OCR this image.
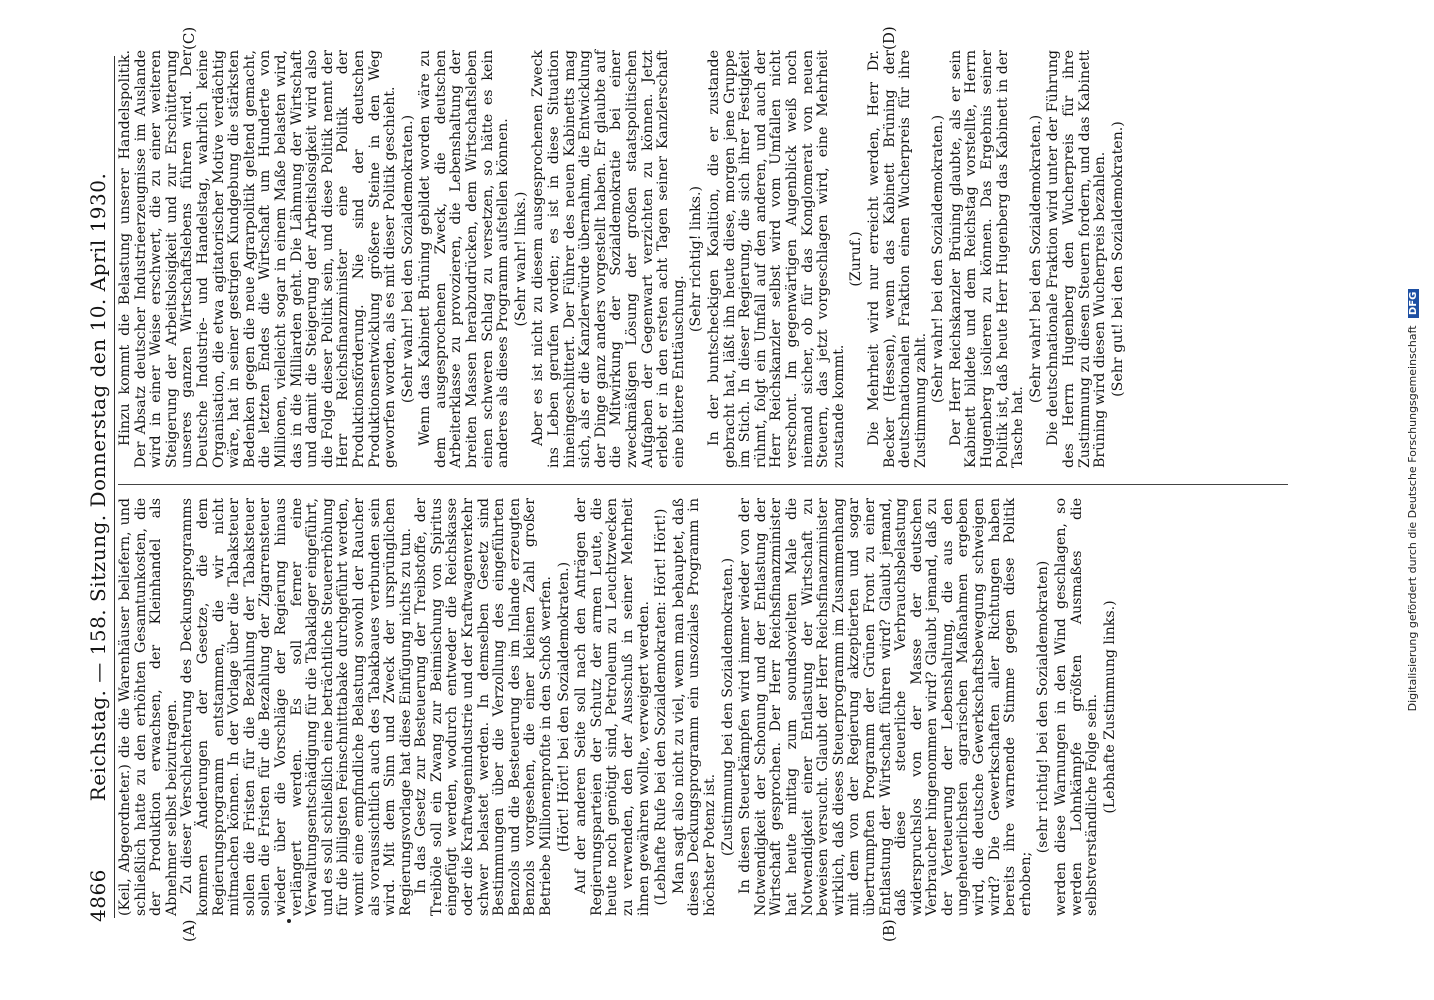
4866
Reichstag. — 158. Sitzung. Donnerstag den 10. April 1930.
(A)	(B)
(C)	(D)

(Keil, Abgeordneter.) die die Warenhäuser beliefern, und schließlich hatte zu den erhöhten Gesamtunkosten, die der Produktion erwachsen, der Kleinhandel als Abnehmer selbst beizutragen. Zu dieser Verschlechterung des Deckungsprogramms kommen Änderungen der Gesetze, die dem Regierungsprogramm entstammen, die wir nicht mitmachen können. In der Vorlage über die Tabaksteuer sollen die Fristen für die Bezahlung der Tabaksteuer sollen die Fristen für die Bezahlung der Zigarrensteuer wieder über die Vorschläge der Regierung hinaus verlängert werden. Es soll ferner eine Verwaltungsentschädigung für die Tabaklager eingeführt, und es soll schließlich eine beträchtliche Steuererhöhung für die billigsten Feinschnitttabake durchgeführt werden, womit eine empfindliche Belastung sowohl der Raucher als voraussichtlich auch des Tabakbaues verbunden sein wird. Mit dem Sinn und Zweck der ursprünglichen Regierungsvorlage hat diese Einfügung nichts zu tun. In das Gesetz zur Besteuerung der Treibstoffe, der Treiböle soll ein Zwang zur Beimischung von Spiritus eingefügt werden, wodurch entweder die Reichskasse oder die Kraftwagenindustrie und der Kraftwagenverkehr schwer belastet werden. In demselben Gesetz sind Bestimmungen über die Verzollung des eingeführten Benzols und die Besteuerung des im Inlande erzeugten Benzols vorgesehen, die einer kleinen Zahl großer Betriebe Millionenprofite in den Schoß werfen. (Hört! Hört! bei den Sozialdemokraten.) Auf der anderen Seite soll nach den Anträgen der Regierungsparteien der Schutz der armen Leute, die heute noch genötigt sind, Petroleum zu Leuchtzwecken zu verwenden, den der Ausschuß in seiner Mehrheit ihnen gewähren wollte, verweigert werden. (Lebhafte Rufe bei den Sozialdemokraten: Hört! Hört!) Man sagt also nicht zu viel, wenn man behauptet, daß dieses Deckungsprogramm ein unsoziales Programm in höchster Potenz ist. (Zustimmung bei den Sozialdemokraten.) In diesen Steuerkämpfen wird immer wieder von der Notwendigkeit der Schonung und der Entlastung der Wirtschaft gesprochen. Der Herr Reichsfinanzminister hat heute mittag zum soundsovielten Male die Notwendigkeit einer Entlastung der Wirtschaft zu beweisen versucht. Glaubt der Herr Reichsfinanzminister wirklich, daß dieses Steuerprogramm im Zusammenhang mit dem von der Regierung akzeptierten und sogar übertrumpften Programm der Grünen Front zu einer Entlastung der Wirtschaft führen wird? Glaubt jemand, daß diese steuerliche Verbrauchsbelastung widerspruchslos von der Masse der deutschen Verbraucher hingenommen wird? Glaubt jemand, daß zu der Verteuerung der Lebenshaltung, die aus den ungeheuerlichsten agrarischen Maßnahmen ergeben wird, die deutsche Gewerkschaftsbewegung schweigen wird? Die Gewerkschaften aller Richtungen haben bereits ihre warnende Stimme gegen diese Politik erhoben;

(sehr richtig! bei den Sozialdemokraten) werden diese Warnungen in den Wind geschlagen, so werden Lohnkämpfe größten Ausmaßes die selbstverständliche Folge sein. (Lebhafte Zustimmung links.)

Hinzu kommt die Belastung unserer Handelspolitik. Der Absatz deutscher Industrieerzeugnisse im Auslande wird in einer Weise erschwert, die zu einer weiteren Steigerung der Arbeitslosigkeit und zur Erschütterung unseres ganzen Wirtschaftslebens führen wird. Der Deutsche Industrie- und Handelstag, wahrlich keine Organisation, die etwa agitatorischer Motive verdächtig wäre, hat in seiner gestrigen Kundgebung die stärksten Bedenken gegen die neue Agrarpolitik geltend gemacht, die letzten Endes die Wirtschaft um Hunderte von Millionen, vielleicht sogar in einem Maße belasten wird, das in die Milliarden geht. Die Lähmung der Wirtschaft und damit die Steigerung der Arbeitslosigkeit wird also die Folge dieser Politik sein, und diese Politik nennt der Herr Reichsfinanzminister eine Politik der Produktionsförderung. Nie sind der deutschen Produktionsentwicklung größere Steine in den Weg geworfen worden, als es mit dieser Politik geschieht. (Sehr wahr! bei den Sozialdemokraten.) Wenn das Kabinett Brüning gebildet worden wäre zu dem ausgesprochenen Zweck, die deutschen Arbeiterklasse zu provozieren, die Lebenshaltung der breiten Massen herabzudrücken, dem Wirtschaftsleben einen schweren Schlag zu versetzen, so hätte es kein anderes als dieses Programm aufstellen können. (Sehr wahr! links.) Aber es ist nicht zu diesem ausgesprochenen Zweck ins Leben gerufen worden; es ist in diese Situation hineingeschlittert. Der Führer des neuen Kabinetts mag sich, als er die Kanzlerwürde übernahm, die Entwicklung der Dinge ganz anders vorgestellt haben. Er glaubte auf die Mitwirkung der Sozialdemokratie bei einer zweckmäßigen Lösung der großen staatspolitischen Aufgaben der Gegenwart verzichten zu können. Jetzt erlebt er in den ersten acht Tagen seiner Kanzlerschaft eine bittere Enttäuschung.

(Sehr richtig! links.) In der buntscheckigen Koalition, die er zustande gebracht hat, läßt ihn heute diese, morgen jene Gruppe im Stich. In dieser Regierung, die sich ihrer Festigkeit rühmt, folgt ein Umfall auf den anderen, und auch der Herr Reichskanzler selbst wird vom Umfallen nicht verschont. Im gegenwärtigen Augenblick weiß noch niemand sicher, ob für das Konglomerat von neuen Steuern, das jetzt vorgeschlagen wird, eine Mehrheit zustande kommt.

(Zuruf.) Die Mehrheit wird nur erreicht werden, Herr Dr. Becker (Hessen), wenn das Kabinett Brüning der deutschnationalen Fraktion einen Wucherpreis für ihre Zustimmung zahlt. (Sehr wahr! bei den Sozialdemokraten.) Der Herr Reichskanzler Brüning glaubte, als er sein Kabinett bildete und dem Reichstag vorstellte, Herrn Hugenberg isolieren zu können. Das Ergebnis seiner Politik ist, daß heute Herr Hugenberg das Kabinett in der Tasche hat.

(Sehr wahr! bei den Sozialdemokraten.) Die deutschnationale Fraktion wird unter der Führung des Herrn Hugenberg den Wucherpreis für ihre Zustimmung zu diesen Steuern fordern, und das Kabinett Brüning wird diesen Wucherpreis bezahlen. (Sehr gut! bei den Sozialdemokraten.)

Digitalisierung gefördert durch die Deutsche Forschungsgemeinschaft DFG
